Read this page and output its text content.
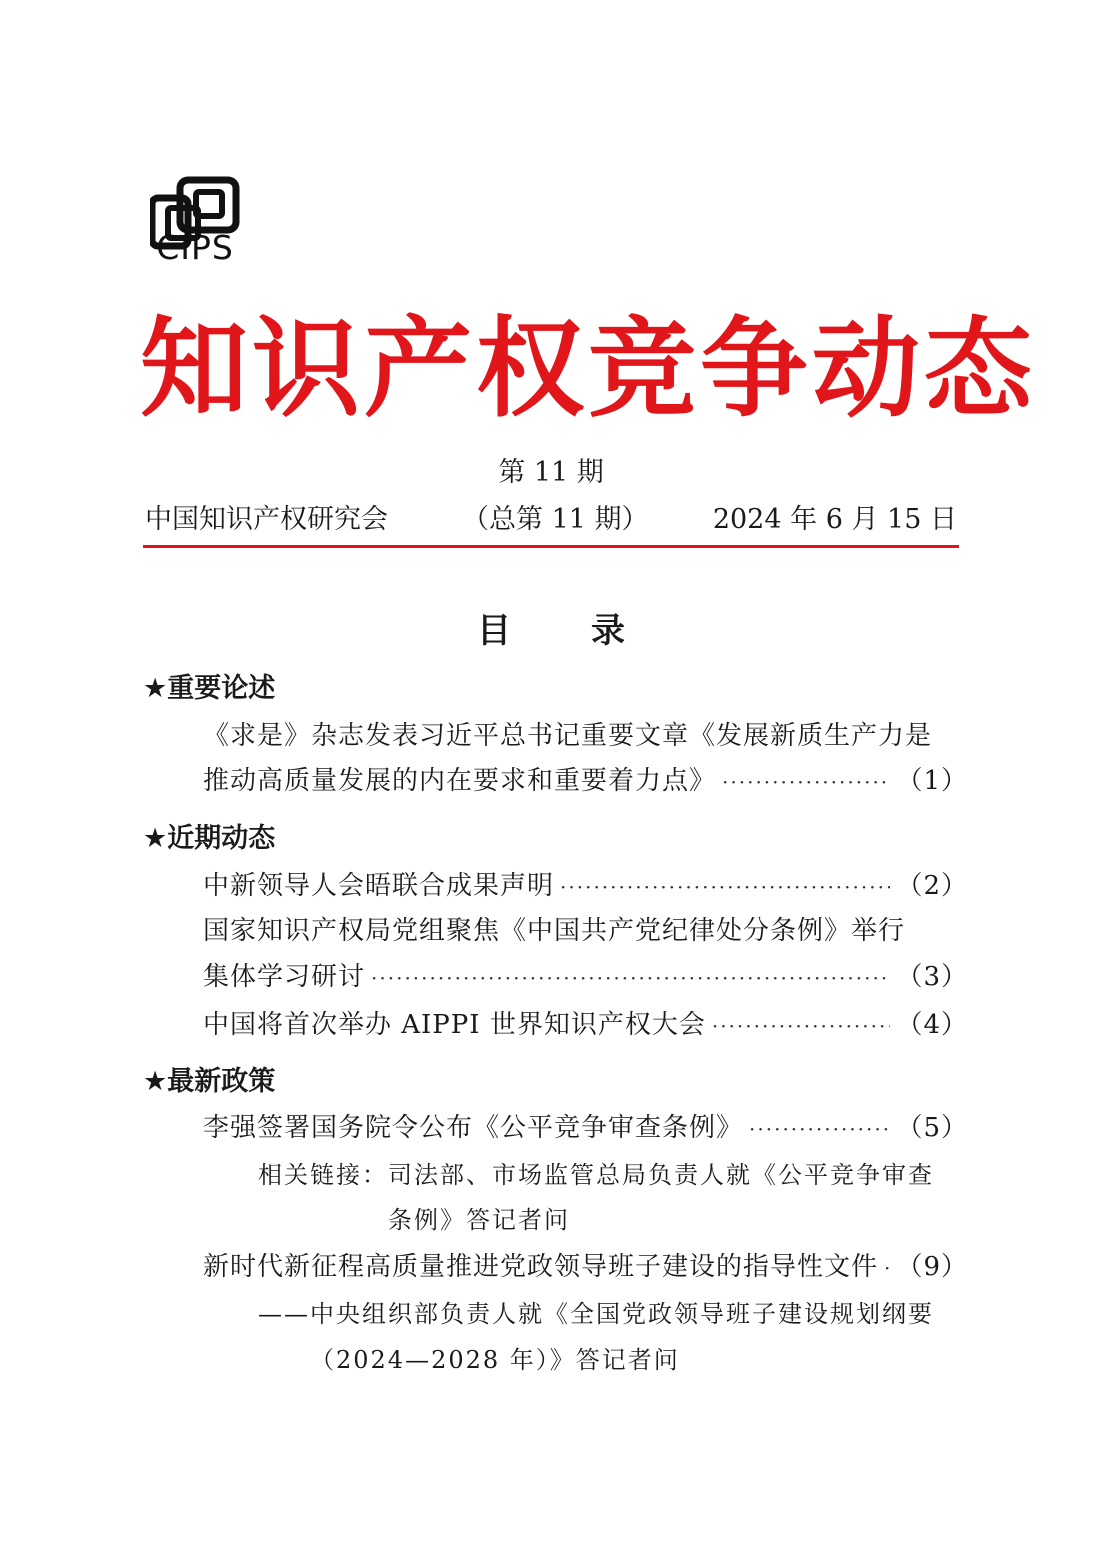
CIPS
知识产权竞争动态
第 11 期
中国知识产权研究会	（总第 11 期） 2024 年 6 月 15 日
目录
★重要论述
《求是》杂志发表习近平总书记重要文章《发展新质生产力是
推动高质量发展的内在要求和重要着力点》 ·····	（1）
★近期动态
中新领导人会晤联合成果声明 ·····	（2）
国家知识产权局党组聚焦《中国共产党纪律处分条例》举行
集体学习研讨 ·····	（3）
中国将首次举办 AIPPI 世界知识产权大会 ·····	（4）
★最新政策
李强签署国务院令公布《公平竞争审查条例》 ·····	（5）
相关链接：司法部、市场监管总局负责人就《公平竞争审查
条例》答记者问
新时代新征程高质量推进党政领导班子建设的指导性文件 ····· （9）
——中央组织部负责人就《全国党政领导班子建设规划纲要
（2024—2028 年）》答记者问
